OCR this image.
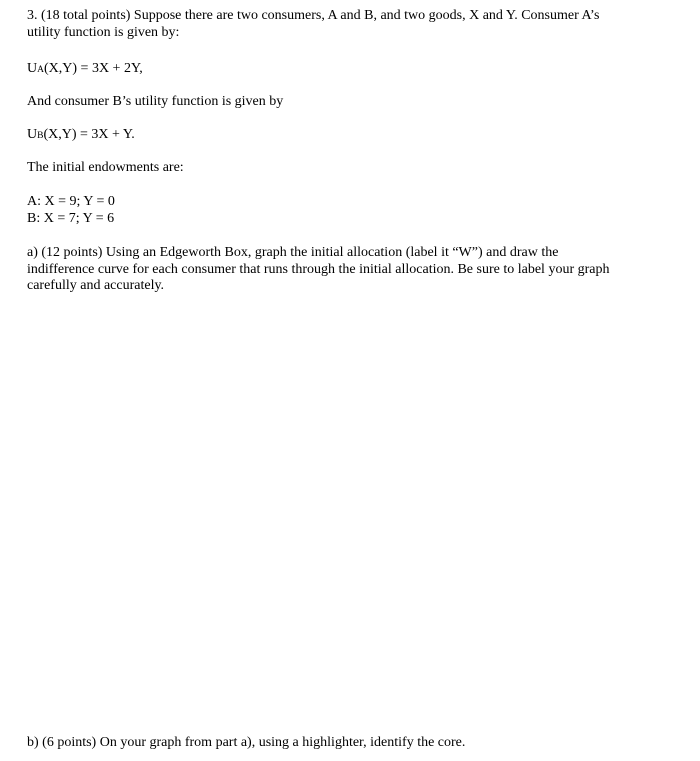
3. (18 total points) Suppose there are two consumers, A and B, and two goods, X and Y. Consumer A’s
utility function is given by:

UA(X,Y) = 3X + 2Y,

And consumer B’s utility function is given by

UB(X,Y) = 3X + Y.

The initial endowments are:

A: X = 9; Y = 0
B: X = 7; Y = 6

a) (12 points) Using an Edgeworth Box, graph the initial allocation (label it “W”) and draw the
indifference curve for each consumer that runs through the initial allocation. Be sure to label your graph
carefully and accurately.

b) (6 points) On your graph from part a), using a highlighter, identify the core.
